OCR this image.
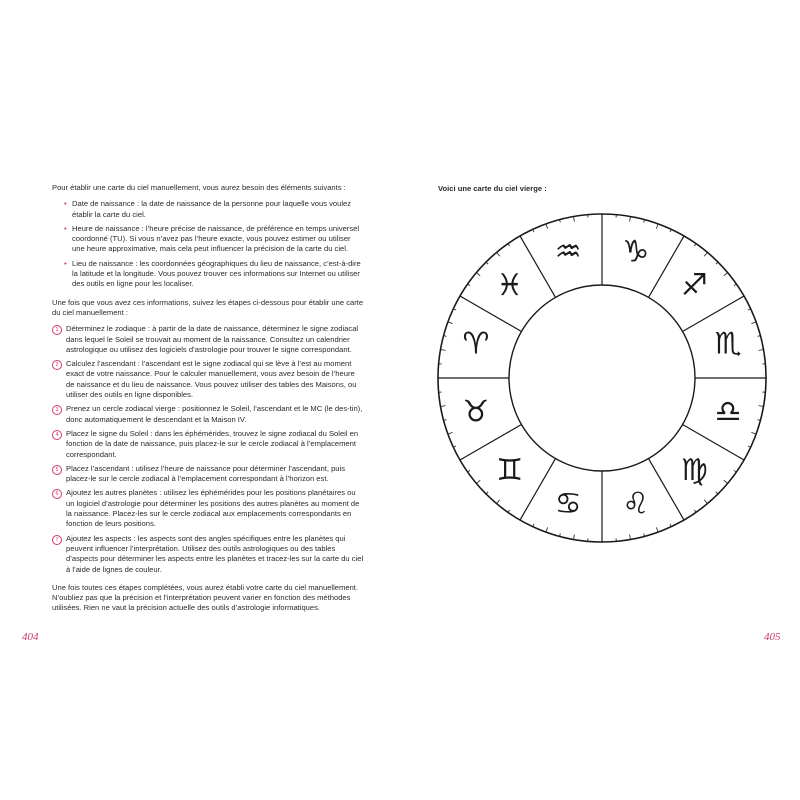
Pour établir une carte du ciel manuellement, vous aurez besoin des éléments suivants :

• Date de naissance : la date de naissance de la personne pour laquelle vous voulez établir la carte du ciel.
• Heure de naissance : l’heure précise de naissance, de préférence en temps universel coordonné (TU). Si vous n’avez pas l’heure exacte, vous pouvez estimer ou utiliser une heure approximative, mais cela peut influencer la précision de la carte du ciel.
• Lieu de naissance : les coordonnées géographiques du lieu de naissance, c’est-à-dire la latitude et la longitude. Vous pouvez trouver ces informations sur Internet ou utiliser des outils en ligne pour les localiser.

Une fois que vous avez ces informations, suivez les étapes ci-dessous pour établir une carte du ciel manuellement :

1 Déterminez le zodiaque : à partir de la date de naissance, déterminez le signe zodiacal dans lequel le Soleil se trouvait au moment de la naissance. Consultez un calendrier astrologique ou utilisez des logiciels d’astrologie pour trouver le signe correspondant.
2 Calculez l’ascendant : l’ascendant est le signe zodiacal qui se lève à l’est au moment exact de votre naissance. Pour le calculer manuellement, vous avez besoin de l’heure de naissance et du lieu de naissance. Vous pouvez utiliser des tables des Maisons, ou utiliser des outils en ligne disponibles.
3 Prenez un cercle zodiacal vierge : positionnez le Soleil, l’ascendant et le MC (le des-tin), donc automatiquement le descendant et la Maison IV.
4 Placez le signe du Soleil : dans les éphémérides, trouvez le signe zodiacal du Soleil en fonction de la date de naissance, puis placez-le sur le cercle zodiacal à l’emplacement correspondant.
5 Placez l’ascendant : utilisez l’heure de naissance pour déterminer l’ascendant, puis placez-le sur le cercle zodiacal à l’emplacement correspondant à l’horizon est.
6 Ajoutez les autres planètes : utilisez les éphémérides pour les positions planétaires ou un logiciel d’astrologie pour déterminer les positions des autres planètes au moment de la naissance. Placez-les sur le cercle zodiacal aux emplacements correspondants en fonction de leurs positions.
7 Ajoutez les aspects : les aspects sont des angles spécifiques entre les planètes qui peuvent influencer l’interprétation. Utilisez des outils astrologiques ou des tables d’aspects pour déterminer les aspects entre les planètes et tracez-les sur la carte du ciel à l’aide de lignes de couleur.

Une fois toutes ces étapes complétées, vous aurez établi votre carte du ciel manuellement. N’oubliez pas que la précision et l’interprétation peuvent varier en fonction des méthodes utilisées. Rien ne vaut la précision actuelle des outils d’astrologie informatiques.

404	405
Voici une carte du ciel vierge :
♈
♉
♊
♋ ♌
♍
♎
♏
♐
♑
♒
♓
